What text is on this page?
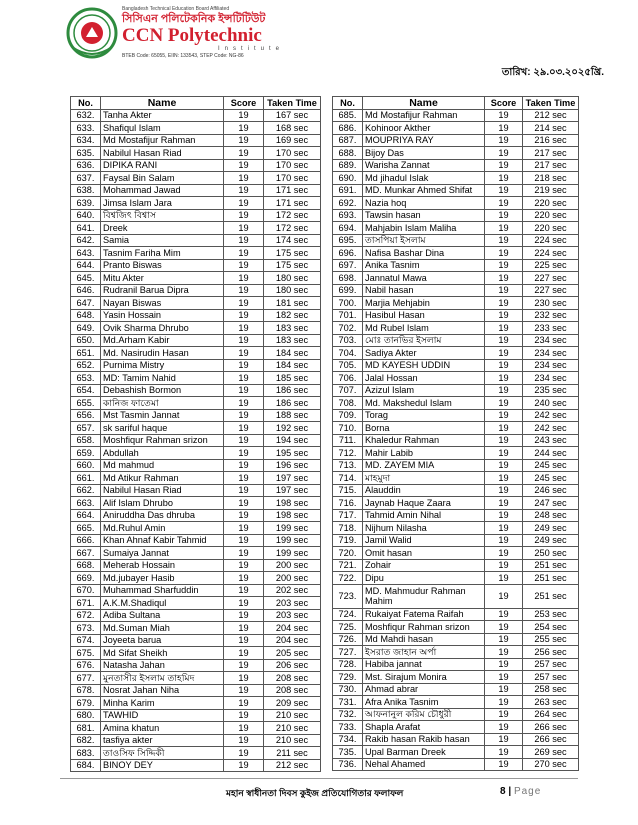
Bangladesh Technical Education Board Affiliated
সিসিএন পলিটেকনিক ইন্সটিটিউট
CCN Polytechnic
Institute
BTEB Code: 65055, EIIN: 133543, STEP Code: NG-86
তারিখ: ২৯.০৩.২০২৫খ্রি.
No.	Name	Score	Taken Time
632.	Tanha Akter	19	167 sec
633.	Shafiqul Islam	19	168 sec
634.	Md Mostafijur Rahman	19	169 sec
635.	Nabilul Hasan Riad	19	170 sec
636.	DIPIKA RANI	19	170 sec
637.	Faysal Bin Salam	19	170 sec
638.	Mohammad Jawad	19	171 sec
639.	Jimsa Islam Jara	19	171 sec
640.	বিশ্বজিৎ বিশ্বাস	19	172 sec
641.	Dreek	19	172 sec
642.	Samia	19	174 sec
643.	Tasnim Fariha Mim	19	175 sec
644.	Pranto Biswas	19	175 sec
645.	Mitu Akter	19	180 sec
646.	Rudranil Barua Dipra	19	180 sec
647.	Nayan Biswas	19	181 sec
648.	Yasin Hossain	19	182 sec
649.	Ovik Sharma Dhrubo	19	183 sec
650.	Md.Arham Kabir	19	183 sec
651.	Md. Nasirudin Hasan	19	184 sec
652.	Purnima Mistry	19	184 sec
653.	MD: Tamim Nahid	19	185 sec
654.	Debashish Bormon	19	186 sec
655.	কানিজ ফাতেমা	19	186 sec
656.	Mst Tasmin Jannat	19	188 sec
657.	sk sariful haque	19	192 sec
658.	Moshfiqur Rahman srizon	19	194 sec
659.	Abdullah	19	195 sec
660.	Md mahmud	19	196 sec
661.	Md Atikur Rahman	19	197 sec
662.	Nabilul Hasan Riad	19	197 sec
663.	Alif Islam Dhrubo	19	198 sec
664.	Aniruddha Das dhruba	19	198 sec
665.	Md.Ruhul Amin	19	199 sec
666.	Khan Ahnaf Kabir Tahmid	19	199 sec
667.	Sumaiya Jannat	19	199 sec
668.	Meherab Hossain	19	200 sec
669.	Md.jubayer Hasib	19	200 sec
670.	Muhammad Sharfuddin	19	202 sec
671.	A.K.M.Shadiqul	19	203 sec
672.	Adiba Sultana	19	203 sec
673.	Md.Suman Miah	19	204 sec
674.	Joyeeta barua	19	204 sec
675.	Md Sifat Sheikh	19	205 sec
676.	Natasha Jahan	19	206 sec
677.	মুনতাসীর ইসলাম তাহমিদ	19	208 sec
678.	Nosrat Jahan Niha	19	208 sec
679.	Minha Karim	19	209 sec
680.	TAWHID	19	210 sec
681.	Amina khatun	19	210 sec
682.	tasfiya akter	19	210 sec
683.	তাওসিফ সিদ্দিকী	19	211 sec
684.	BINOY DEY	19	212 sec
No.	Name	Score	Taken Time
685.	Md Mostafijur Rahman	19	212 sec
686.	Kohinoor Akther	19	214 sec
687.	MOUPRIYA RAY	19	216 sec
688.	Bijoy Das	19	217 sec
689.	Warisha Zannat	19	217 sec
690.	Md jihadul Islak	19	218 sec
691.	MD. Munkar Ahmed Shifat	19	219 sec
692.	Nazia hoq	19	220 sec
693.	Tawsin hasan	19	220 sec
694.	Mahjabin Islam Maliha	19	220 sec
695.	তাসপিয়া ইসলাম	19	224 sec
696.	Nafisa Bashar Dina	19	224 sec
697.	Anika Tasnim	19	225 sec
698.	Jannatul Mawa	19	227 sec
699.	Nabil hasan	19	227 sec
700.	Marjia Mehjabin	19	230 sec
701.	Hasibul Hasan	19	232 sec
702.	Md Rubel Islam	19	233 sec
703.	মোঃ তানভির ইসলাম	19	234 sec
704.	Sadiya Akter	19	234 sec
705.	MD KAYESH UDDIN	19	234 sec
706.	Jalal Hossan	19	234 sec
707.	Azizul Islam	19	235 sec
708.	Md. Makshedul Islam	19	240 sec
709.	Torag	19	242 sec
710.	Borna	19	242 sec
711.	Khaledur Rahman	19	243 sec
712.	Mahir Labib	19	244 sec
713.	MD. ZAYEM MIA	19	245 sec
714.	মাহমুদা	19	245 sec
715.	Alauddin	19	246 sec
716.	Jaynab Haque Zaara	19	247 sec
717.	Tahmid Amin Nihal	19	248 sec
718.	Nijhum Nilasha	19	249 sec
719.	Jamil Walid	19	249 sec
720.	Omit hasan	19	250 sec
721.	Zohair	19	251 sec
722.	Dipu	19	251 sec
723.	MD. Mahmudur Rahman Mahim	19	251 sec
724.	Rukaiyat Fatema Raifah	19	253 sec
725.	Moshfiqur Rahman srizon	19	254 sec
726.	Md Mahdi hasan	19	255 sec
727.	ইসরাত জাহান অর্পা	19	256 sec
728.	Habiba jannat	19	257 sec
729.	Mst. Sirajum Monira	19	257 sec
730.	Ahmad abrar	19	258 sec
731.	Afra Anika Tasnim	19	263 sec
732.	আফনানুল করিম চৌধুরী	19	264 sec
733.	Shapla Arafat	19	266 sec
734.	Rakib hasan Rakib hasan	19	266 sec
735.	Upal Barman Dreek	19	269 sec
736.	Nehal Ahamed	19	270 sec
মহান স্বাধীনতা দিবস কুইজ প্রতিযোগিতার ফলাফল	8 | Page
